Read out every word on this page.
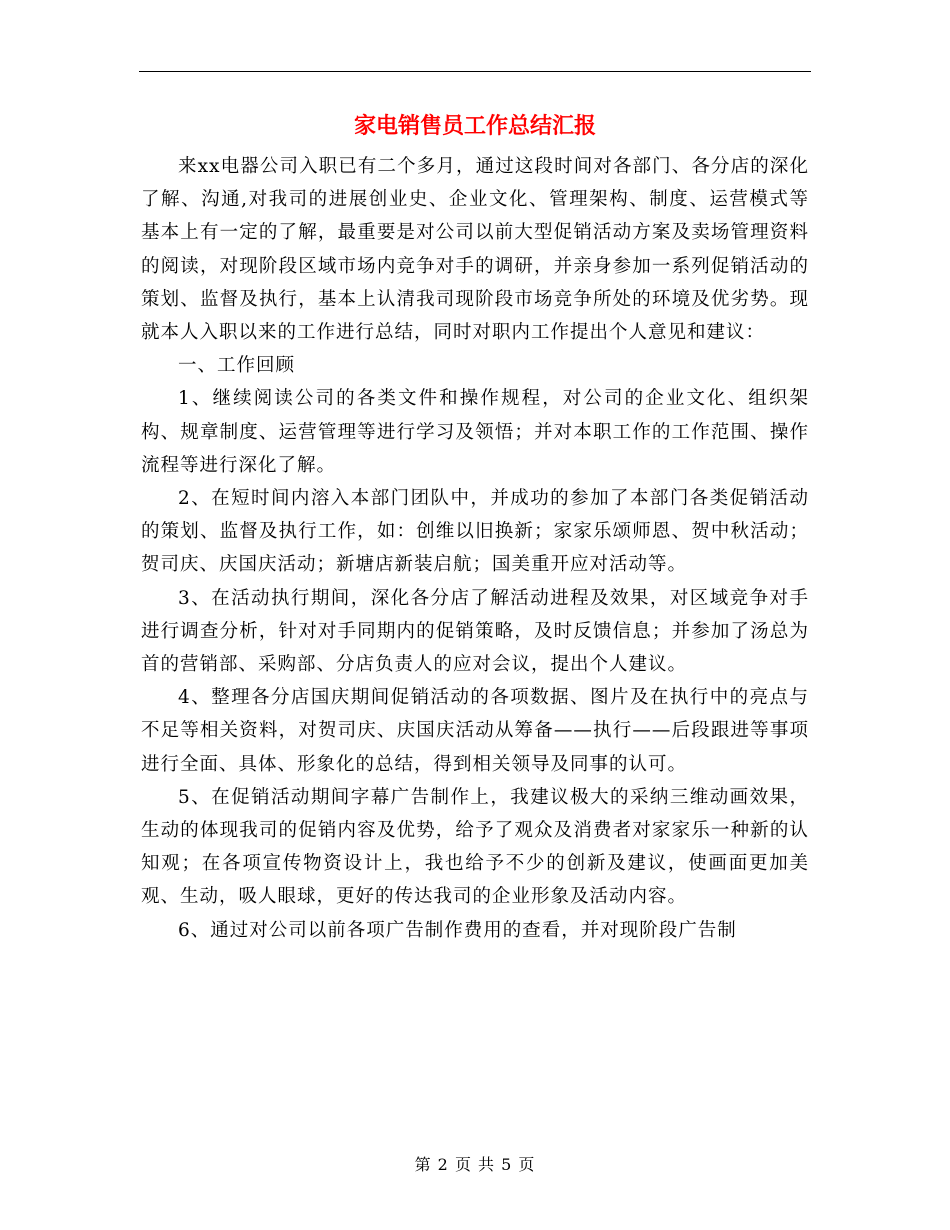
家电销售员工作总结汇报

来xx电器公司入职已有二个多月，通过这段时间对各部门、各分店的深化了解、沟通,对我司的进展创业史、企业文化、管理架构、制度、运营模式等基本上有一定的了解，最重要是对公司以前大型促销活动方案及卖场管理资料的阅读，对现阶段区域市场内竞争对手的调研，并亲身参加一系列促销活动的策划、监督及执行，基本上认清我司现阶段市场竞争所处的环境及优劣势。现就本人入职以来的工作进行总结，同时对职内工作提出个人意见和建议：

一、工作回顾

1、继续阅读公司的各类文件和操作规程，对公司的企业文化、组织架构、规章制度、运营管理等进行学习及领悟；并对本职工作的工作范围、操作流程等进行深化了解。

2、在短时间内溶入本部门团队中，并成功的参加了本部门各类促销活动的策划、监督及执行工作，如：创维以旧换新；家家乐颂师恩、贺中秋活动；贺司庆、庆国庆活动；新塘店新装启航；国美重开应对活动等。

3、在活动执行期间，深化各分店了解活动进程及效果，对区域竞争对手进行调查分析，针对对手同期内的促销策略，及时反馈信息；并参加了汤总为首的营销部、采购部、分店负责人的应对会议，提出个人建议。

4、整理各分店国庆期间促销活动的各项数据、图片及在执行中的亮点与不足等相关资料，对贺司庆、庆国庆活动从筹备——执行——后段跟进等事项进行全面、具体、形象化的总结，得到相关领导及同事的认可。

5、在促销活动期间字幕广告制作上，我建议极大的采纳三维动画效果，生动的体现我司的促销内容及优势，给予了观众及消费者对家家乐一种新的认知观；在各项宣传物资设计上，我也给予不少的创新及建议，使画面更加美观、生动，吸人眼球，更好的传达我司的企业形象及活动内容。

6、通过对公司以前各项广告制作费用的查看，并对现阶段广告制

第 2 页 共 5 页
